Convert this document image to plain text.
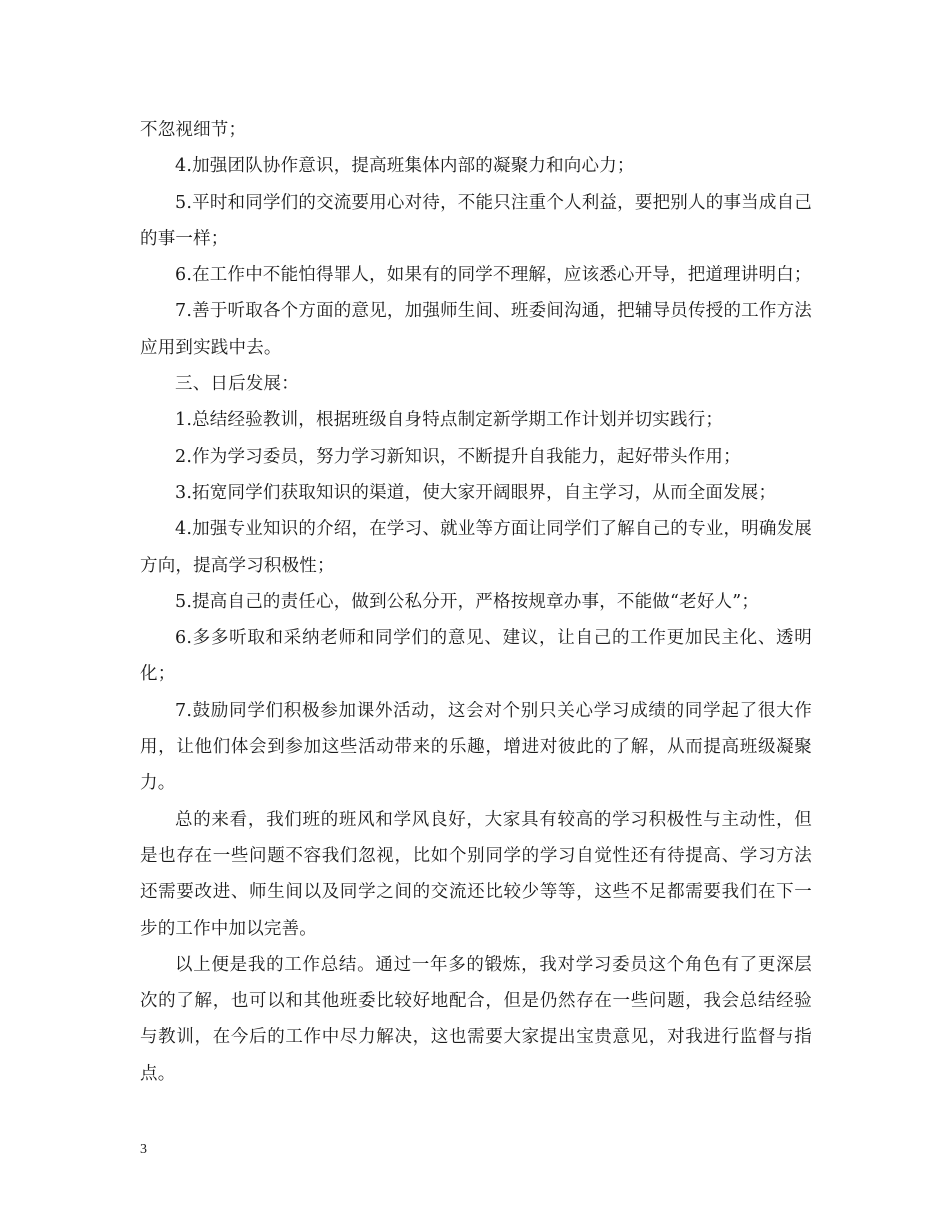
不忽视细节；

4.加强团队协作意识，提高班集体内部的凝聚力和向心力；

5.平时和同学们的交流要用心对待，不能只注重个人利益，要把别人的事当成自己的事一样；

6.在工作中不能怕得罪人，如果有的同学不理解，应该悉心开导，把道理讲明白；

7.善于听取各个方面的意见，加强师生间、班委间沟通，把辅导员传授的工作方法应用到实践中去。

三、日后发展：

1.总结经验教训，根据班级自身特点制定新学期工作计划并切实践行；

2.作为学习委员，努力学习新知识，不断提升自我能力，起好带头作用；

3.拓宽同学们获取知识的渠道，使大家开阔眼界，自主学习，从而全面发展；

4.加强专业知识的介绍，在学习、就业等方面让同学们了解自己的专业，明确发展方向，提高学习积极性；

5.提高自己的责任心，做到公私分开，严格按规章办事，不能做“老好人”；

6.多多听取和采纳老师和同学们的意见、建议，让自己的工作更加民主化、透明化；

7.鼓励同学们积极参加课外活动，这会对个别只关心学习成绩的同学起了很大作用，让他们体会到参加这些活动带来的乐趣，增进对彼此的了解，从而提高班级凝聚力。

总的来看，我们班的班风和学风良好，大家具有较高的学习积极性与主动性，但是也存在一些问题不容我们忽视，比如个别同学的学习自觉性还有待提高、学习方法还需要改进、师生间以及同学之间的交流还比较少等等，这些不足都需要我们在下一步的工作中加以完善。

以上便是我的工作总结。通过一年多的锻炼，我对学习委员这个角色有了更深层次的了解，也可以和其他班委比较好地配合，但是仍然存在一些问题，我会总结经验与教训，在今后的工作中尽力解决，这也需要大家提出宝贵意见，对我进行监督与指点。

3
